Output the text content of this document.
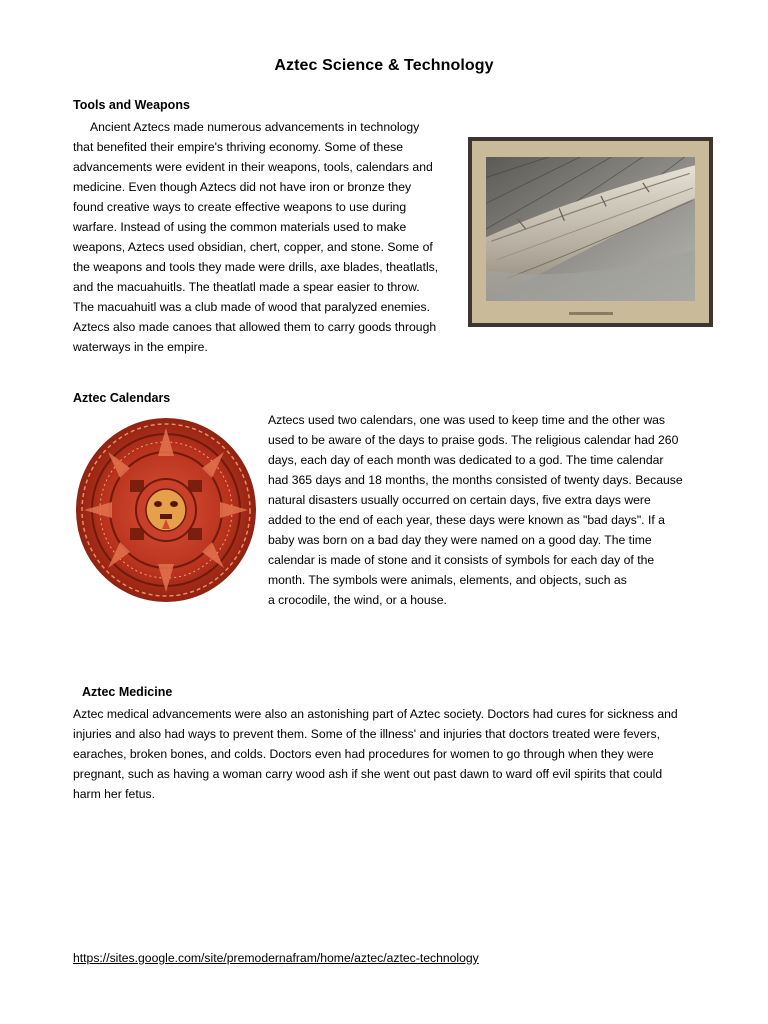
Aztec Science & Technology
Tools and Weapons
Ancient Aztecs made numerous advancements in technology
that benefited their empire's thriving economy. Some of these
advancements were evident in their weapons, tools, calendars and
medicine. Even though Aztecs did not have iron or bronze they
found creative ways to create effective weapons to use during
warfare. Instead of using the common materials used to make
weapons, Aztecs used obsidian, chert, copper, and stone. Some of
the weapons and tools they made were drills, axe blades, theatlatls,
and the macuahuitls. The theatlatl made a spear easier to throw.
The macuahuitl was a club made of wood that paralyzed enemies.
Aztecs also made canoes that allowed them to carry goods through
waterways in the empire.
Aztec Calendars
Aztecs used two calendars, one was used to keep time and the other was
used to be aware of the days to praise gods. The religious calendar had 260
days, each day of each month was dedicated to a god. The time calendar
had 365 days and 18 months, the months consisted of twenty days. Because
natural disasters usually occurred on certain days, five extra days were
added to the end of each year, these days were known as "bad days". If a
baby was born on a bad day they were named on a good day. The time
calendar is made of stone and it consists of symbols for each day of the
month. The symbols were animals, elements, and objects, such as
a crocodile, the wind, or a house.
Aztec Medicine
Aztec medical advancements were also an astonishing part of Aztec society. Doctors had cures for sickness and
injuries and also had ways to prevent them. Some of the illness' and injuries that doctors treated were fevers,
earaches, broken bones, and colds. Doctors even had procedures for women to go through when they were
pregnant, such as having a woman carry wood ash if she went out past dawn to ward off evil spirits that could
harm her fetus.
https://sites.google.com/site/premodernafram/home/aztec/aztec-technology
